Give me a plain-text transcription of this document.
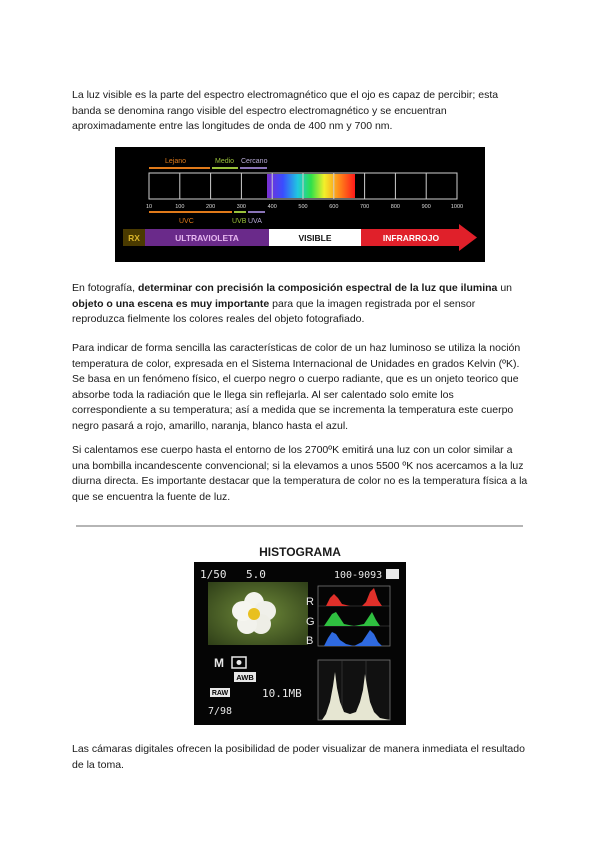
La luz visible es la parte del espectro electromagnético que el ojo es capaz de percibir; esta banda se denomina rango visible del espectro electromagnético y se encuentran aproximadamente entre las longitudes de onda de 400 nm y 700 nm.

Lejano	Medio Cercano
10	100	200	300	400	500	600	700	800	900	1000
UVC	UVB UVA
RX	ULTRAVIOLETA	VISIBLE	INFRARROJO

En fotografía, determinar con precisión la composición espectral de la luz que ilumina un objeto o una escena es muy importante para que la imagen registrada por el sensor reproduzca fielmente los colores reales del objeto fotografiado.

Para indicar de forma sencilla las características de color de un haz luminoso se utiliza la noción temperatura de color, expresada en el Sistema Internacional de Unidades en grados Kelvin (ºK). Se basa en un fenómeno físico, el cuerpo negro o cuerpo radiante, que es un onjeto teorico que absorbe toda la radiación que le llega sin reflejarla. Al ser calentado solo emite los correspondiente a su temperatura; así a medida que se incrementa la temperatura este cuerpo negro pasará a rojo, amarillo, naranja, blanco hasta el azul.

Si calentamos ese cuerpo hasta el entorno de los 2700ºK emitirá una luz con un color similar a una bombilla incandescente convencional; si la elevamos a unos 5500 ºK nos acercamos a la luz diurna directa. Es importante destacar que la temperatura de color no es la temperatura física a la que se encuentra la fuente de luz.

HISTOGRAMA
1/50 5.0	100-9093
R
G
B
M
AWB
RAW	10.1MB
7/98

Las cámaras digitales ofrecen la posibilidad de poder visualizar de manera inmediata el resultado de la toma.
